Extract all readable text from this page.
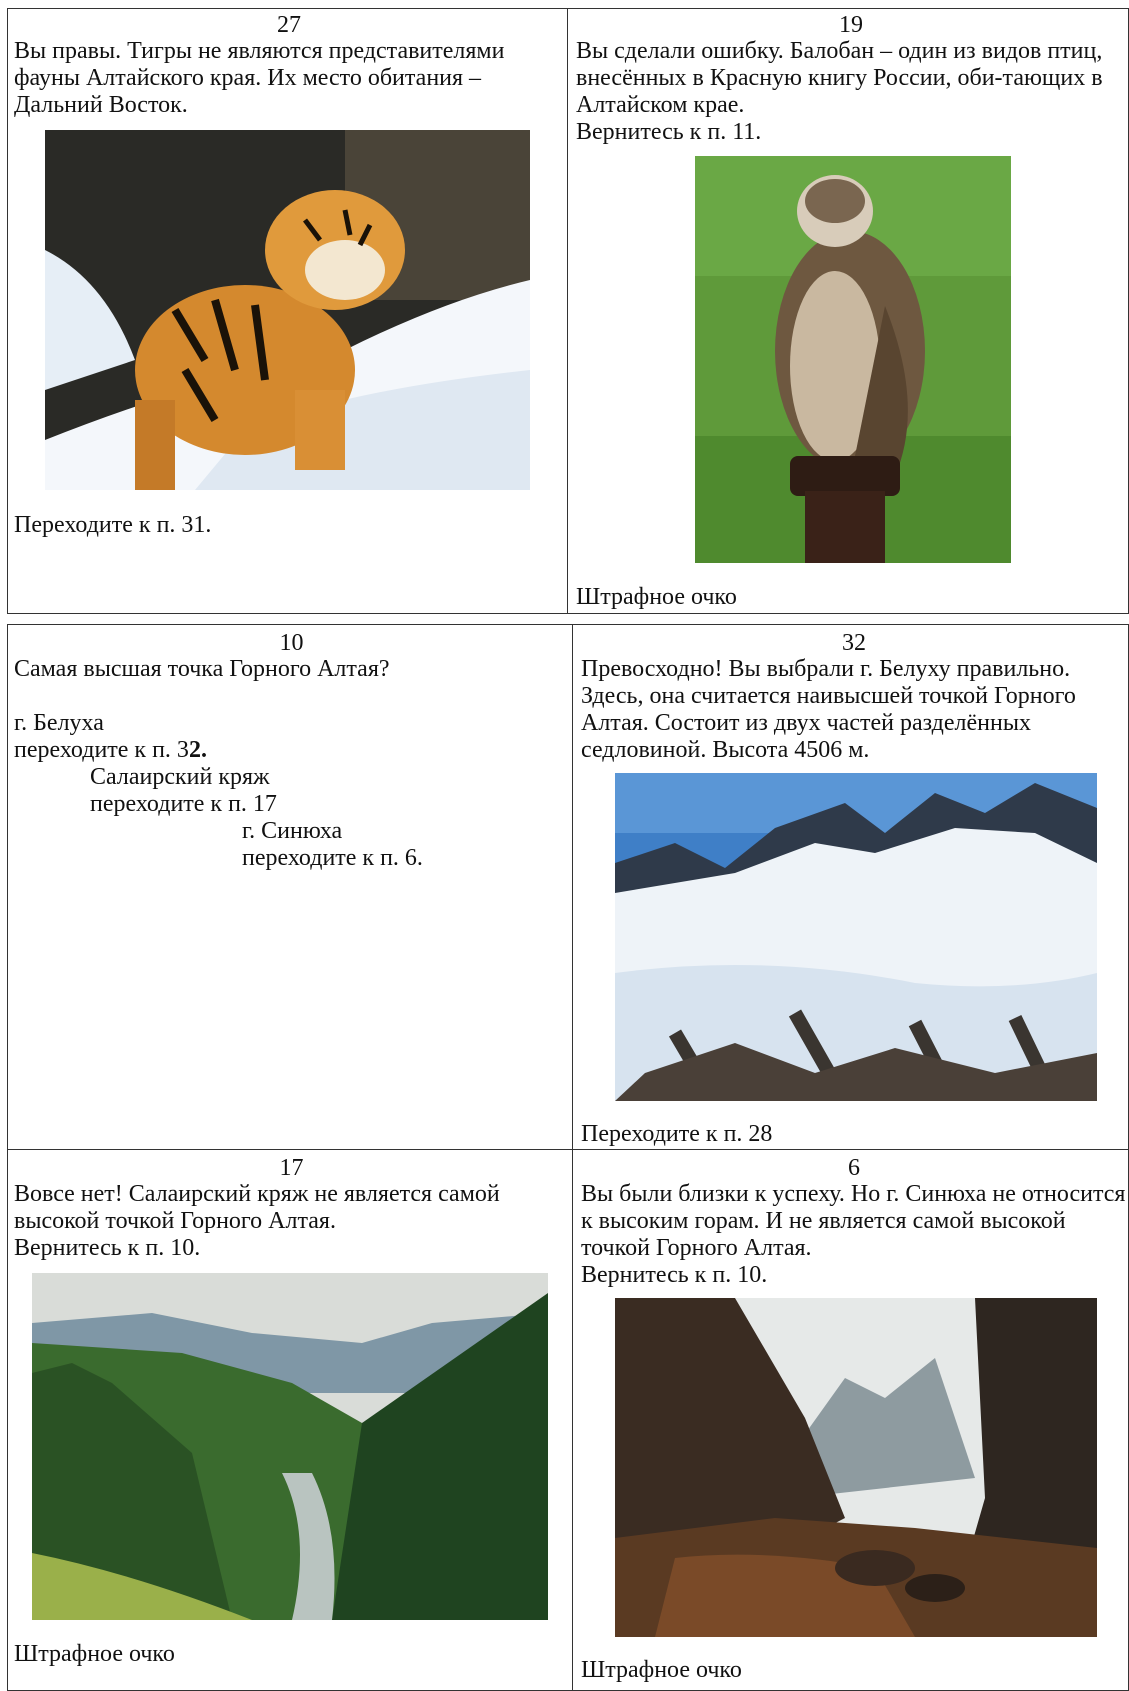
27

Вы правы. Тигры не являются представителями фауны Алтайского края. Их место обитания – Дальний Восток.

Переходите к п. 31.
19

Вы сделали ошибку. Балобан – один из видов птиц, внесённых в Красную книгу России, оби-тающих в Алтайском крае.

Вернитесь к п. 11.

Штрафное очко
10

Самая высшая точка Горного Алтая?

г. Белуха

переходите к п. 32.

Салаирский кряж

переходите к п. 17

г. Синюха

переходите к п. 6.

32

Превосходно! Вы выбрали г. Белуху правильно. Здесь, она считается наивысшей точкой Горного Алтая. Состоит из двух частей разделённых седловиной. Высота 4506 м.

Переходите к п. 28
17

Вовсе нет! Салаирский кряж не является самой высокой точкой Горного Алтая.

Вернитесь к п. 10.

Штрафное очко
6

Вы были близки к успеху. Но г. Синюха не относится к высоким горам. И не является самой высокой точкой Горного Алтая.

Вернитесь к п. 10.

Штрафное очко
